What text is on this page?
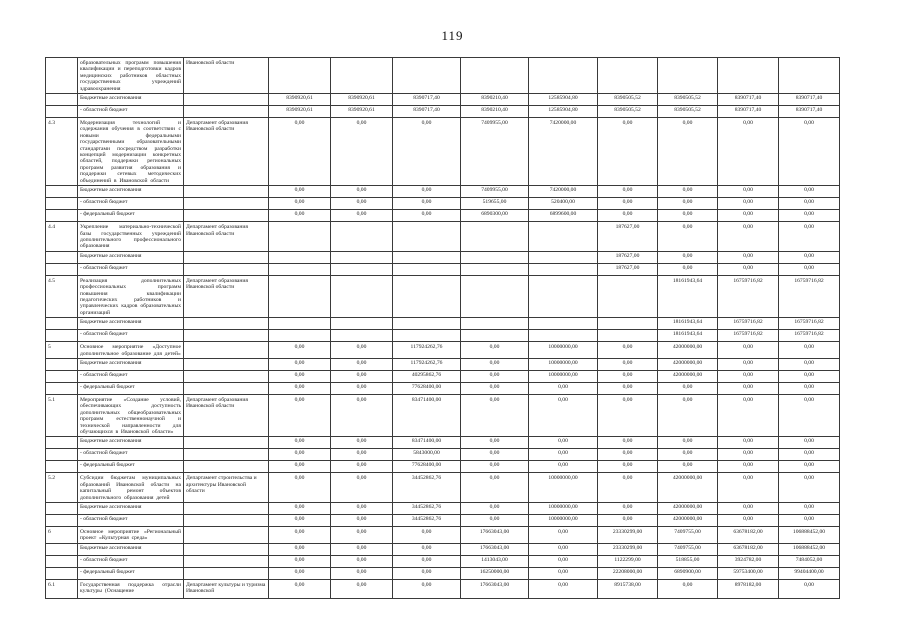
119
	образовательных программ повышения квалификации и переподготовки кадров медицинских работников областных государственных учреждений здравоохранения	Ивановской области									
	Бюджетные ассигнования		8390920,61	8390920,61	8390717,40	8390210,40	12585904,80	8390505,52	8390505,52	8390717,40	8390717,40
	- областной бюджет		8390920,61	8390920,61	8390717,40	8390210,40	12585904,80	8390505,52	8390505,52	8390717,40	8390717,40
4.3	Модернизация технологий и содержания обучения в соответствии с новыми федеральными государственными образовательными стандартами посредством разработки концепций модернизации конкретных областей, поддержки региональных программ развития образования и поддержки сетевых методических объединений в Ивановской области	Департамент образования Ивановской области	0,00	0,00	0,00	7409955,00	7420000,00	0,00	0,00	0,00	0,00
	Бюджетные ассигнования		0,00	0,00	0,00	7409955,00	7420000,00	0,00	0,00	0,00	0,00
	- областной бюджет		0,00	0,00	0,00	519655,00	520400,00	0,00	0,00	0,00	0,00
	- федеральный бюджет		0,00	0,00	0,00	6890300,00	6899600,00	0,00	0,00	0,00	0,00
4.4	Укрепление материально-технической базы государственных учреждений дополнительного профессионального образования	Департамент образования Ивановской области						187627,00	0,00	0,00	0,00
	Бюджетные ассигнования							187627,00	0,00	0,00	0,00
	- областной бюджет							187627,00	0,00	0,00	0,00
4.5	Реализация дополнительных профессиональных программ повышения квалификации педагогических работников и управленческих кадров образовательных организаций	Департамент образования Ивановской области							18161943,64	16759716,82	16759716,82
	Бюджетные ассигнования								18161943,64	16759716,82	16759716,82
	- областной бюджет								18161943,64	16759716,82	16759716,82
5	Основное мероприятие «Доступное дополнительное образование для детей»		0,00	0,00	117924262,76	0,00	10000000,00	0,00	42000000,00	0,00	0,00
	Бюджетные ассигнования		0,00	0,00	117924262,76	0,00	10000000,00	0,00	42000000,00	0,00	0,00
	- областной бюджет		0,00	0,00	40295862,76	0,00	10000000,00	0,00	42000000,00	0,00	0,00
	- федеральный бюджет		0,00	0,00	77628400,00	0,00	0,00	0,00	0,00	0,00	0,00
5.1	Мероприятие «Создание условий, обеспечивающих доступность дополнительных общеобразовательных программ естественнонаучной и технической направленности для обучающихся в Ивановской области»	Департамент образования Ивановской области	0,00	0,00	83471400,00	0,00	0,00	0,00	0,00	0,00	0,00
	Бюджетные ассигнования		0,00	0,00	83471400,00	0,00	0,00	0,00	0,00	0,00	0,00
	- областной бюджет		0,00	0,00	5843000,00	0,00	0,00	0,00	0,00	0,00	0,00
	- федеральный бюджет		0,00	0,00	77628400,00	0,00	0,00	0,00	0,00	0,00	0,00
5.2	Субсидии бюджетам муниципальных образований Ивановской области на капитальный ремонт объектов дополнительного образования детей	Департамент строительства и архитектуры Ивановской области	0,00	0,00	34452862,76	0,00	10000000,00	0,00	42000000,00	0,00	0,00
	Бюджетные ассигнования		0,00	0,00	34452862,76	0,00	10000000,00	0,00	42000000,00	0,00	0,00
	- областной бюджет		0,00	0,00	34452862,76	0,00	10000000,00	0,00	42000000,00	0,00	0,00
6	Основное мероприятие «Региональный проект «Культурная среда»		0,00	0,00	0,00	17663043,00	0,00	23330299,00	7409755,00	63678182,00	106888452,00
	Бюджетные ассигнования		0,00	0,00	0,00	17663043,00	0,00	23330299,00	7409755,00	63678182,00	106888452,00
	- областной бюджет		0,00	0,00	0,00	1413043,00	0,00	1122299,00	518855,00	3924782,00	7484052,00
	- федеральный бюджет		0,00	0,00	0,00	16250000,00	0,00	22208000,00	6890900,00	59753400,00	99404400,00
6.1	Государственная поддержка отрасли культуры (Оснащение	Департамент культуры и туризма Ивановской	0,00	0,00	0,00	17663043,00	0,00	8915738,00	0,00	8978182,00	0,00
